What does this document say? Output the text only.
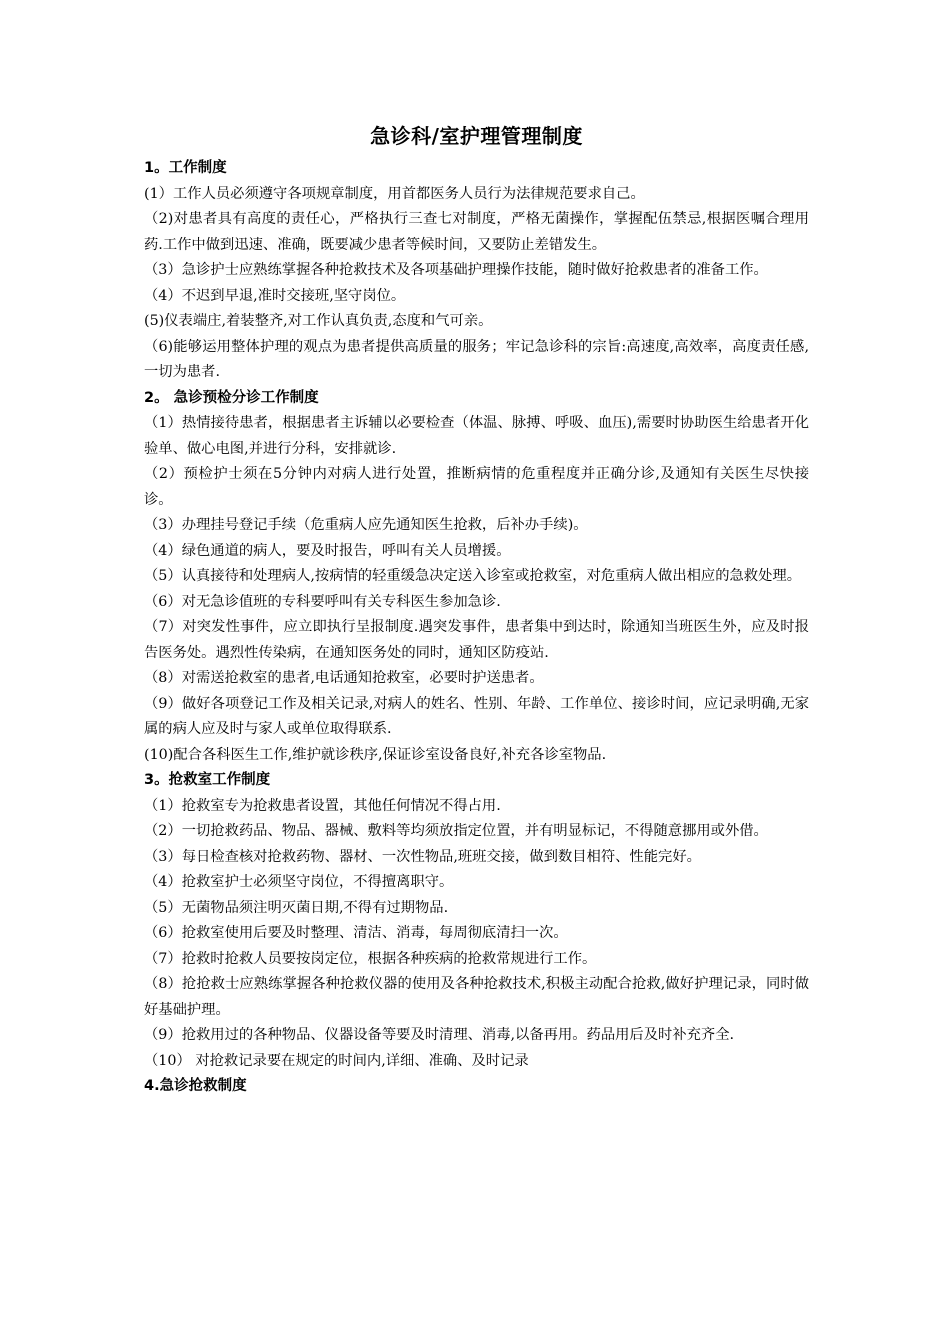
急诊科/室护理管理制度
1。工作制度
(1）工作人员必须遵守各项规章制度，用首都医务人员行为法律规范要求自己。
（2)对患者具有高度的责任心，严格执行三查七对制度，严格无菌操作，掌握配伍禁忌,根据医嘱合理用药.工作中做到迅速、准确，既要减少患者等候时间，又要防止差错发生。
（3）急诊护士应熟练掌握各种抢救技术及各项基础护理操作技能，随时做好抢救患者的准备工作。
（4）不迟到早退,准时交接班,坚守岗位。
(5)仪表端庄,着装整齐,对工作认真负责,态度和气可亲。
（6)能够运用整体护理的观点为患者提供高质量的服务；牢记急诊科的宗旨:高速度,高效率，高度责任感,一切为患者.
2。 急诊预检分诊工作制度
（1）热情接待患者，根据患者主诉辅以必要检查（体温、脉搏、呼吸、血压),需要时协助医生给患者开化验单、做心电图,并进行分科，安排就诊.
（2）预检护士须在5分钟内对病人进行处置，推断病情的危重程度并正确分诊,及通知有关医生尽快接诊。
（3）办理挂号登记手续（危重病人应先通知医生抢救，后补办手续)。
（4）绿色通道的病人，要及时报告，呼叫有关人员增援。
（5）认真接待和处理病人,按病情的轻重缓急决定送入诊室或抢救室，对危重病人做出相应的急救处理。
（6）对无急诊值班的专科要呼叫有关专科医生参加急诊.
（7）对突发性事件，应立即执行呈报制度.遇突发事件，患者集中到达时，除通知当班医生外，应及时报告医务处。遇烈性传染病，在通知医务处的同时，通知区防疫站.
（8）对需送抢救室的患者,电话通知抢救室，必要时护送患者。
（9）做好各项登记工作及相关记录,对病人的姓名、性别、年龄、工作单位、接诊时间，应记录明确,无家属的病人应及时与家人或单位取得联系.
(10)配合各科医生工作,维护就诊秩序,保证诊室设备良好,补充各诊室物品.
3。抢救室工作制度
（1）抢救室专为抢救患者设置，其他任何情况不得占用.
（2）一切抢救药品、物品、器械、敷料等均须放指定位置，并有明显标记，不得随意挪用或外借。
（3）每日检查核对抢救药物、器材、一次性物品,班班交接，做到数目相符、性能完好。
（4）抢救室护士必须坚守岗位，不得擅离职守。
（5）无菌物品须注明灭菌日期,不得有过期物品.
（6）抢救室使用后要及时整理、清洁、消毒，每周彻底清扫一次。
（7）抢救时抢救人员要按岗定位，根据各种疾病的抢救常规进行工作。
（8）抢抢救士应熟练掌握各种抢救仪器的使用及各种抢救技术,积极主动配合抢救,做好护理记录，同时做好基础护理。
（9）抢救用过的各种物品、仪器设备等要及时清理、消毒,以备再用。药品用后及时补充齐全.
（10） 对抢救记录要在规定的时间内,详细、准确、及时记录
4.急诊抢救制度
